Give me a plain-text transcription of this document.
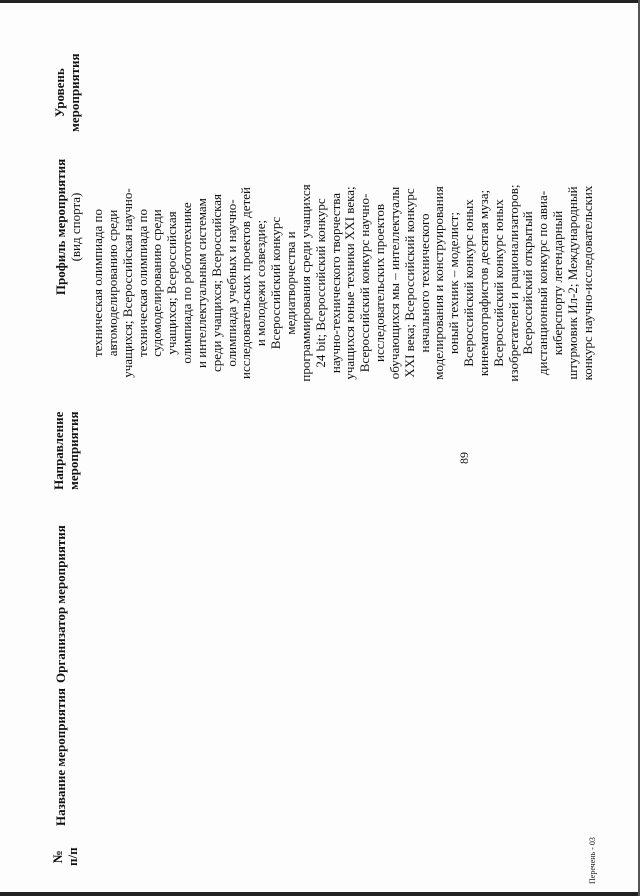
89
№ п/п
Название мероприятия
Организатор мероприятия
Направление мероприятия
Профиль мероприятия (вид спорта)
Уровень мероприятия
техническая олимпиада по автомоделированию среди учащихся; Всероссийская научно- техническая олимпиада по судомоделированию среди учащихся; Всероссийская олимпиада по робототехнике и интеллектуальным системам среди учащихся; Всероссийская олимпиада учебных и научно- исследовательских проектов детей и молодежи созвездие; Всероссийский конкурс медиатворчества и программирования среди учащихся 24 bit; Всероссийский конкурс научно-технического творчества учащихся юные техники XXI века; Всероссийский конкурс научно- исследовательских проектов обучающихся мы – интеллектуалы XXI века; Всероссийский конкурс начального технического моделирования и конструирования юный техник – моделист; Всероссийский конкурс юных кинематографистов десятая муза; Всероссийский конкурс юных изобретателей и рационализаторов; Всероссийский открытый дистанционный конкурс по авиа- киберспорту легендарный штурмовик Ил-2; Международный конкурс научно-исследовательских
Перечень - 03
